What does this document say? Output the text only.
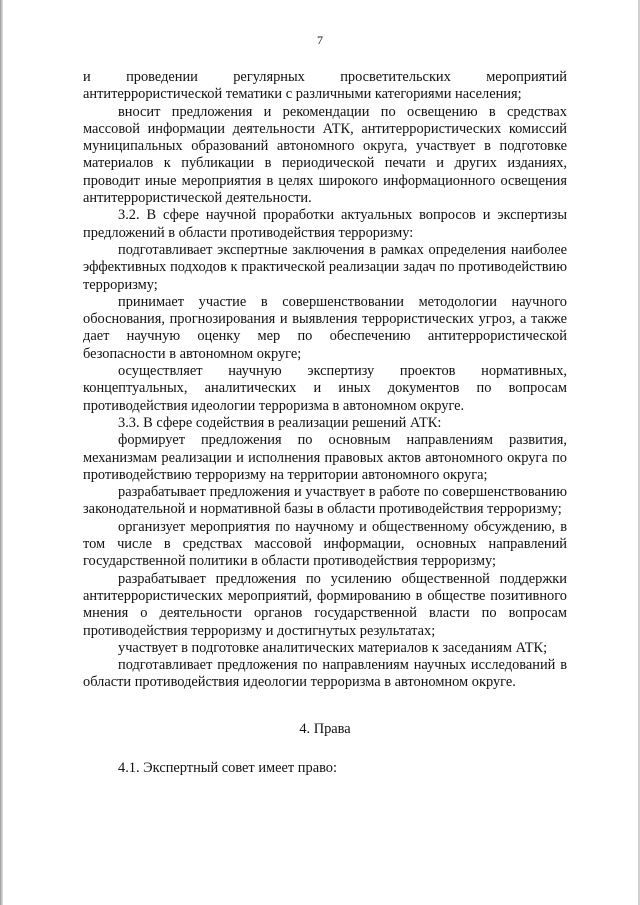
7

и проведении регулярных просветительских мероприятий антитеррористической тематики с различными категориями населения;

вносит предложения и рекомендации по освещению в средствах массовой информации деятельности АТК, антитеррористических комиссий муниципальных образований автономного округа, участвует в подготовке материалов к публикации в периодической печати и других изданиях, проводит иные мероприятия в целях широкого информационного освещения антитеррористической деятельности.

3.2. В сфере научной проработки актуальных вопросов и экспертизы предложений в области противодействия терроризму:

подготавливает экспертные заключения в рамках определения наиболее эффективных подходов к практической реализации задач по противодействию терроризму;

принимает участие в совершенствовании методологии научного обоснования, прогнозирования и выявления террористических угроз, а также дает научную оценку мер по обеспечению антитеррористической безопасности в автономном округе;

осуществляет научную экспертизу проектов нормативных, концептуальных, аналитических и иных документов по вопросам противодействия идеологии терроризма в автономном округе.

3.3. В сфере содействия в реализации решений АТК:

формирует предложения по основным направлениям развития, механизмам реализации и исполнения правовых актов автономного округа по противодействию терроризму на территории автономного округа;

разрабатывает предложения и участвует в работе по совершенствованию законодательной и нормативной базы в области противодействия терроризму;

организует мероприятия по научному и общественному обсуждению, в том числе в средствах массовой информации, основных направлений государственной политики в области противодействия терроризму;

разрабатывает предложения по усилению общественной поддержки антитеррористических мероприятий, формированию в обществе позитивного мнения о деятельности органов государственной власти по вопросам противодействия терроризму и достигнутых результатах;

участвует в подготовке аналитических материалов к заседаниям АТК;

подготавливает предложения по направлениям научных исследований в области противодействия идеологии терроризма в автономном округе.

4. Права

4.1. Экспертный совет имеет право:
